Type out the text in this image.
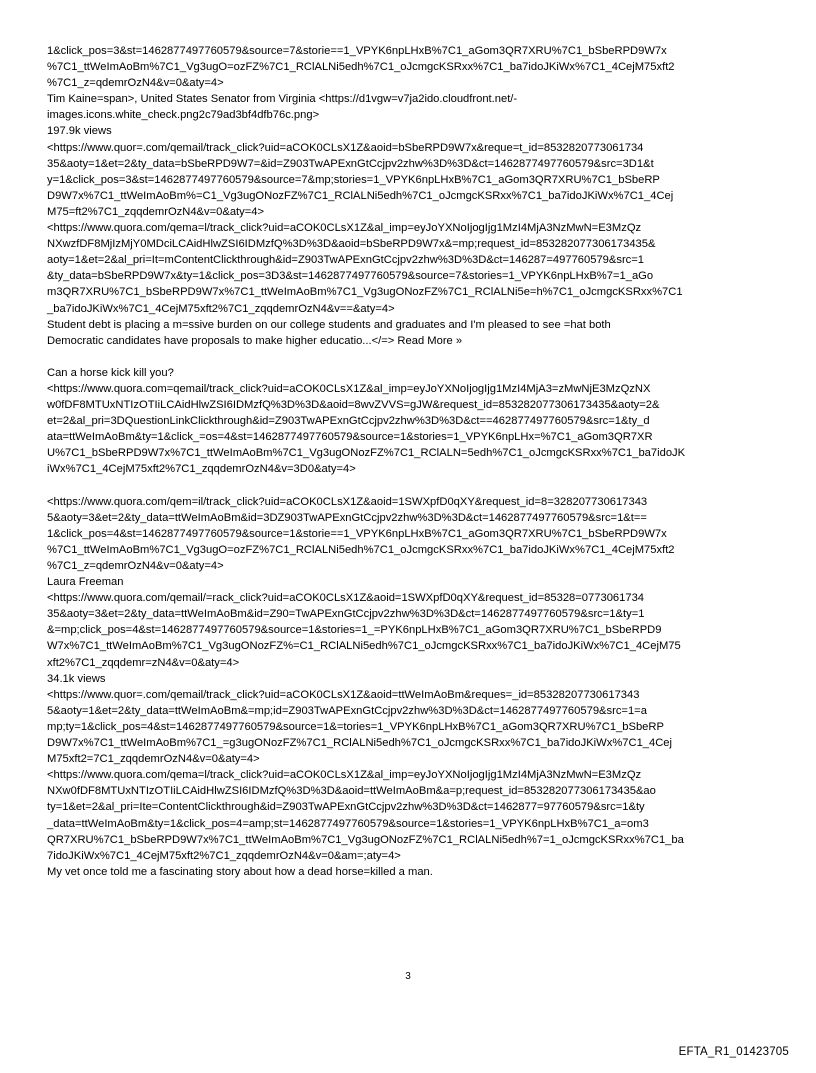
1&click_pos=3&st=1462877497760579&source=7&storie==1_VPYK6npLHxB%7C1_aGom3QR7XRU%7C1_bSbeRPD9W7x
%7C1_ttWeImAoBm%7C1_Vg3ugO=ozFZ%7C1_RClALNi5edh%7C1_oJcmgcKSRxx%7C1_ba7idoJKiWx%7C1_4CejM75xft2
%7C1_z=qdemrOzN4&v=0&aty=4>
Tim Kaine=span>, United States Senator from Virginia <https://d1vgw=v7ja2ido.cloudfront.net/-
images.icons.white_check.png2c79ad3bf4dfb76c.png>
197.9k views
<https://www.quor=.com/qemail/track_click?uid=aCOK0CLsX1Z&aoid=bSbeRPD9W7x&reque=t_id=8532820773061734
35&aoty=1&et=2&ty_data=bSbeRPD9W7=&id=Z903TwAPExnGtCcjpv2zhw%3D%3D&ct=1462877497760579&src=3D1&t
y=1&click_pos=3&st=1462877497760579&source=7&mp;stories=1_VPYK6npLHxB%7C1_aGom3QR7XRU%7C1_bSbeRP
D9W7x%7C1_ttWeImAoBm%=C1_Vg3ugONozFZ%7C1_RClALNi5edh%7C1_oJcmgcKSRxx%7C1_ba7idoJKiWx%7C1_4Cej
M75=ft2%7C1_zqqdemrOzN4&v=0&aty=4>
<https://www.quora.com/qema=l/track_click?uid=aCOK0CLsX1Z&al_imp=eyJoYXNoIjogIjg1MzI4MjA3NzMwN=E3MzQz
NXwzfDF8MjIzMjY0MDciLCAidHlwZSI6IDMzfQ%3D%3D&aoid=bSbeRPD9W7x&=mp;request_id=853282077306173435&
aoty=1&et=2&al_pri=It=mContentClickthrough&id=Z903TwAPExnGtCcjpv2zhw%3D%3D&ct=146287=497760579&src=1
&ty_data=bSbeRPD9W7x&ty=1&click_pos=3D3&st=1462877497760579&source=7&stories=1_VPYK6npLHxB%7=1_aGo
m3QR7XRU%7C1_bSbeRPD9W7x%7C1_ttWeImAoBm%7C1_Vg3ugONozFZ%7C1_RClALNi5e=h%7C1_oJcmgcKSRxx%7C1
_ba7idoJKiWx%7C1_4CejM75xft2%7C1_zqqdemrOzN4&v==&aty=4>
Student debt is placing a m=ssive burden on our college students and graduates and I'm pleased to see =hat both
Democratic candidates have proposals to make higher educatio...</=> Read More »
Can a horse kick kill you?
<https://www.quora.com=qemail/track_click?uid=aCOK0CLsX1Z&al_imp=eyJoYXNoIjogIjg1MzI4MjA3=zMwNjE3MzQzNX
w0fDF8MTUxNTIzOTIiLCAidHlwZSI6IDMzfQ%3D%3D&aoid=8wvZVVS=gJW&request_id=853282077306173435&aoty=2&
et=2&al_pri=3DQuestionLinkClickthrough&id=Z903TwAPExnGtCcjpv2zhw%3D%3D&ct==462877497760579&src=1&ty_d
ata=ttWeImAoBm&ty=1&click_=os=4&st=1462877497760579&source=1&stories=1_VPYK6npLHx=%7C1_aGom3QR7XR
U%7C1_bSbeRPD9W7x%7C1_ttWeImAoBm%7C1_Vg3ugONozFZ%7C1_RClALN=5edh%7C1_oJcmgcKSRxx%7C1_ba7idoJK
iWx%7C1_4CejM75xft2%7C1_zqqdemrOzN4&v=3D0&aty=4>
<https://www.quora.com/qem=il/track_click?uid=aCOK0CLsX1Z&aoid=1SWXpfD0qXY&request_id=8=328207730617343
5&aoty=3&et=2&ty_data=ttWeImAoBm&id=3DZ903TwAPExnGtCcjpv2zhw%3D%3D&ct=1462877497760579&src=1&t==
1&click_pos=4&st=1462877497760579&source=1&storie==1_VPYK6npLHxB%7C1_aGom3QR7XRU%7C1_bSbeRPD9W7x
%7C1_ttWeImAoBm%7C1_Vg3ugO=ozFZ%7C1_RClALNi5edh%7C1_oJcmgcKSRxx%7C1_ba7idoJKiWx%7C1_4CejM75xft2
%7C1_z=qdemrOzN4&v=0&aty=4>
Laura Freeman
<https://www.quora.com/qemail/=rack_click?uid=aCOK0CLsX1Z&aoid=1SWXpfD0qXY&request_id=85328=0773061734
35&aoty=3&et=2&ty_data=ttWeImAoBm&id=Z90=TwAPExnGtCcjpv2zhw%3D%3D&ct=1462877497760579&src=1&ty=1
&=mp;click_pos=4&st=1462877497760579&source=1&stories=1_=PYK6npLHxB%7C1_aGom3QR7XRU%7C1_bSbeRPD9
W7x%7C1_ttWeImAoBm%7C1_Vg3ugONozFZ%=C1_RClALNi5edh%7C1_oJcmgcKSRxx%7C1_ba7idoJKiWx%7C1_4CejM75
xft2%7C1_zqqdemr=zN4&v=0&aty=4>
34.1k views
<https://www.quor=.com/qemail/track_click?uid=aCOK0CLsX1Z&aoid=ttWeImAoBm&reques=_id=85328207730617343
5&aoty=1&et=2&ty_data=ttWeImAoBm&=mp;id=Z903TwAPExnGtCcjpv2zhw%3D%3D&ct=1462877497760579&src=1=a
mp;ty=1&click_pos=4&st=1462877497760579&source=1&=tories=1_VPYK6npLHxB%7C1_aGom3QR7XRU%7C1_bSbeRP
D9W7x%7C1_ttWeImAoBm%7C1_=g3ugONozFZ%7C1_RClALNi5edh%7C1_oJcmgcKSRxx%7C1_ba7idoJKiWx%7C1_4Cej
M75xft2=7C1_zqqdemrOzN4&v=0&aty=4>
<https://www.quora.com/qema=l/track_click?uid=aCOK0CLsX1Z&al_imp=eyJoYXNoIjogIjg1MzI4MjA3NzMwN=E3MzQz
NXw0fDF8MTUxNTIzOTIiLCAidHlwZSI6IDMzfQ%3D%3D&aoid=ttWeImAoBm&a=p;request_id=853282077306173435&ao
ty=1&et=2&al_pri=Ite=ContentClickthrough&id=Z903TwAPExnGtCcjpv2zhw%3D%3D&ct=1462877=97760579&src=1&ty
_data=ttWeImAoBm&ty=1&click_pos=4=amp;st=1462877497760579&source=1&stories=1_VPYK6npLHxB%7C1_a=om3
QR7XRU%7C1_bSbeRPD9W7x%7C1_ttWeImAoBm%7C1_Vg3ugONozFZ%7C1_RClALNi5edh%7=1_oJcmgcKSRxx%7C1_ba
7idoJKiWx%7C1_4CejM75xft2%7C1_zqqdemrOzN4&v=0&am=;aty=4>
My vet once told me a fascinating story about how a dead horse=killed a man.
3
EFTA_R1_01423705
